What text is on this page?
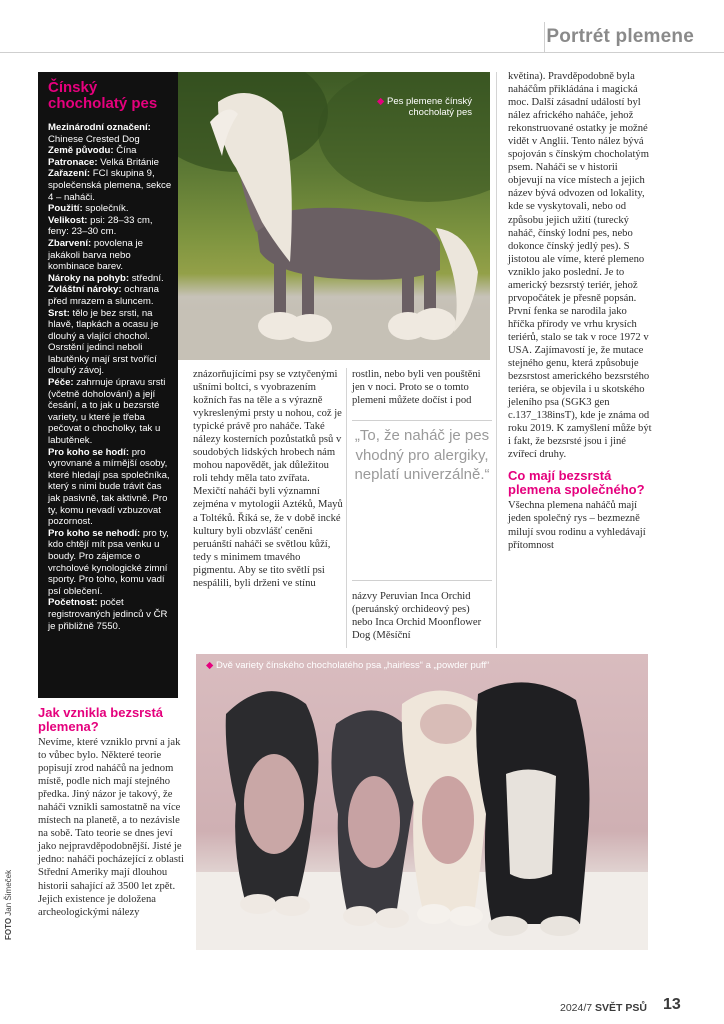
Portrét plemene
Čínský chocholatý pes

Mezinárodní označení: Chinese Crested Dog

Země původu: Čína

Patronace: Velká Británie

Zařazení: FCI skupina 9, společenská plemena, sekce 4 – naháči.

Použití: společník.

Velikost: psi: 28–33 cm, feny: 23–30 cm.

Zbarvení: povolena je jakákoli barva nebo kombinace barev.

Nároky na pohyb: střední.

Zvláštní nároky: ochrana před mrazem a sluncem.

Srst: tělo je bez srsti, na hlavě, tlapkách a ocasu je dlouhý a vlající chochol. Osrstění jedinci neboli labutěnky mají srst tvořící dlouhý závoj.

Péče: zahrnuje úpravu srsti (včetně doholování) a její česání, a to jak u bezsrsté variety, u které je třeba pečovat o chocholky, tak u labutěnek.

Pro koho se hodí: pro vyrovnané a mírnější osoby, které hledají psa společníka, který s nimi bude trávit čas jak pasivně, tak aktivně. Pro ty, komu nevadí vzbuzovat pozornost.

Pro koho se nehodí: pro ty, kdo chtějí mít psa venku u boudy. Pro zájemce o vrcholové kynologické zimní sporty. Pro toho, komu vadí psí oblečení.

Početnost: počet registrovaných jedinců v ČR je přibližně 7550.

◆ Pes plemene čínský chocholatý pes

znázorňujícími psy se vztyčenými ušními boltci, s vyobrazením kožních řas na těle a s výrazně vykreslenými prsty u nohou, což je typické právě pro naháče. Také nálezy kosterních pozůstatků psů v soudobých lidských hrobech nám mohou napovědět, jak důležitou roli tehdy měla tato zvířata. Mexičtí naháči byli významní zejména v mytologii Aztéků, Mayů a Toltéků. Říká se, že v době incké kultury byli obzvlášť ceněni peruánští naháči se světlou kůží, tedy s minimem tmavého pigmentu. Aby se tito světlí psi nespálili, byli drženi ve stínu

rostlin, nebo byli ven pouštěni jen v noci. Proto se o tomto plemeni můžete dočíst i pod

„To, že naháč je pes vhodný pro alergiky, neplatí univerzálně.“

názvy Peruvian Inca Orchid (peruánský orchideový pes) nebo Inca Orchid Moonflower Dog (Měsíční

květina). Pravděpodobně byla naháčům přikládána i magická moc. Další zásadní událostí byl nález afrického naháče, jehož rekonstruované ostatky je možné vidět v Anglii. Tento nález bývá spojován s čínským chocholatým psem. Naháči se v historii objevují na více místech a jejich název bývá odvozen od lokality, kde se vyskytovali, nebo od způsobu jejich užití (turecký naháč, čínský lodní pes, nebo dokonce čínský jedlý pes). S jistotou ale víme, které plemeno vzniklo jako poslední. Je to americký bezsrstý teriér, jehož prvopočátek je přesně popsán. První fenka se narodila jako hříčka přírody ve vrhu krysích teriérů, stalo se tak v roce 1972 v USA. Zajímavostí je, že mutace stejného genu, která způsobuje bezsrstost amerického bezsrstého teriéra, se objevila i u skotského jeleního psa (SGK3 gen c.137_138insT), kde je známa od roku 2019. K zamyšlení může být i fakt, že bezsrsté jsou i jiné zvířecí druhy.

Co mají bezsrstá plemena společného?

Všechna plemena naháčů mají jeden společný rys – bezmezně milují svou rodinu a vyhledávají přítomnost

◆ Dvě variety čínského chocholatého psa „hairless“ a „powder puff“
Jak vznikla bezsrstá plemena?

Nevíme, které vzniklo první a jak to vůbec bylo. Některé teorie popisují zrod naháčů na jednom místě, podle nich mají stejného předka. Jiný názor je takový, že naháči vznikli samostatně na více místech na planetě, a to nezávisle na sobě. Tato teorie se dnes jeví jako nejpravděpodobnější. Jisté je jedno: naháči pocházející z oblasti Střední Ameriky mají dlouhou historii sahající až 3500 let zpět. Jejich existence je doložena archeologickými nálezy

FOTO Jan Šimeček
2024/7 SVĚT PSŮ 13
